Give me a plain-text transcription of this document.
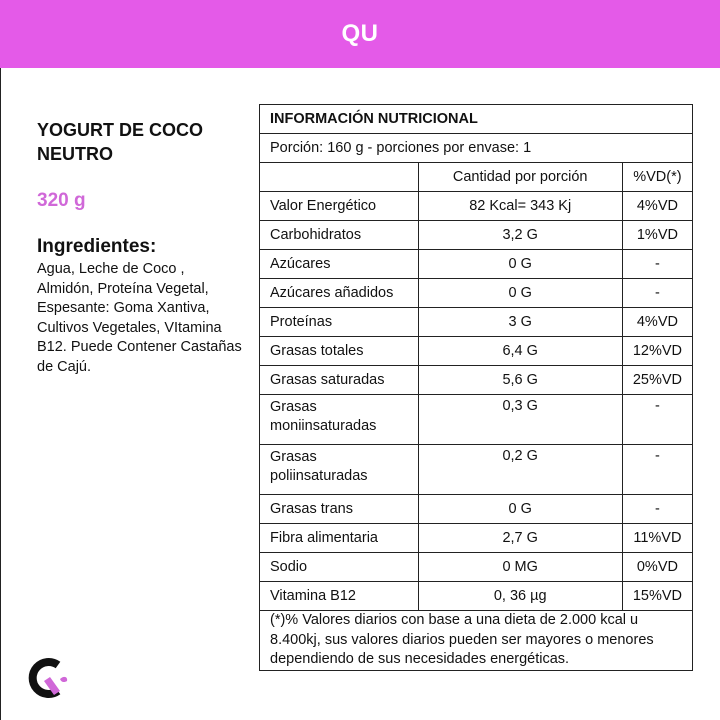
QU
YOGURT DE COCO NEUTRO
320 g
Ingredientes:
Agua, Leche de Coco , Almidón, Proteína Vegetal, Espesante: Goma Xantiva, Cultivos Vegetales, VItamina B12. Puede Contener Castañas de Cajú.
INFORMACIÓN NUTRICIONAL		
Porción: 160 g - porciones por envase: 1		
	Cantidad por porción	%VD(*)
Valor Energético	82 Kcal= 343 Kj	4%VD
Carbohidratos	3,2 G	1%VD
Azúcares	0 G	-
Azúcares añadidos	0 G	-
Proteínas	3 G	4%VD
Grasas totales	6,4 G	12%VD
Grasas saturadas	5,6 G	25%VD
Grasas moniinsaturadas	0,3 G	-
Grasas poliinsaturadas	0,2 G	-
Grasas trans	0 G	-
Fibra alimentaria	2,7 G	11%VD
Sodio	0 MG	0%VD
Vitamina B12	0, 36 µg	15%VD
(*)% Valores diarios con base a una dieta de 2.000 kcal u 8.400kj, sus valores diarios pueden ser mayores o menores dependiendo de sus necesidades energéticas.		
